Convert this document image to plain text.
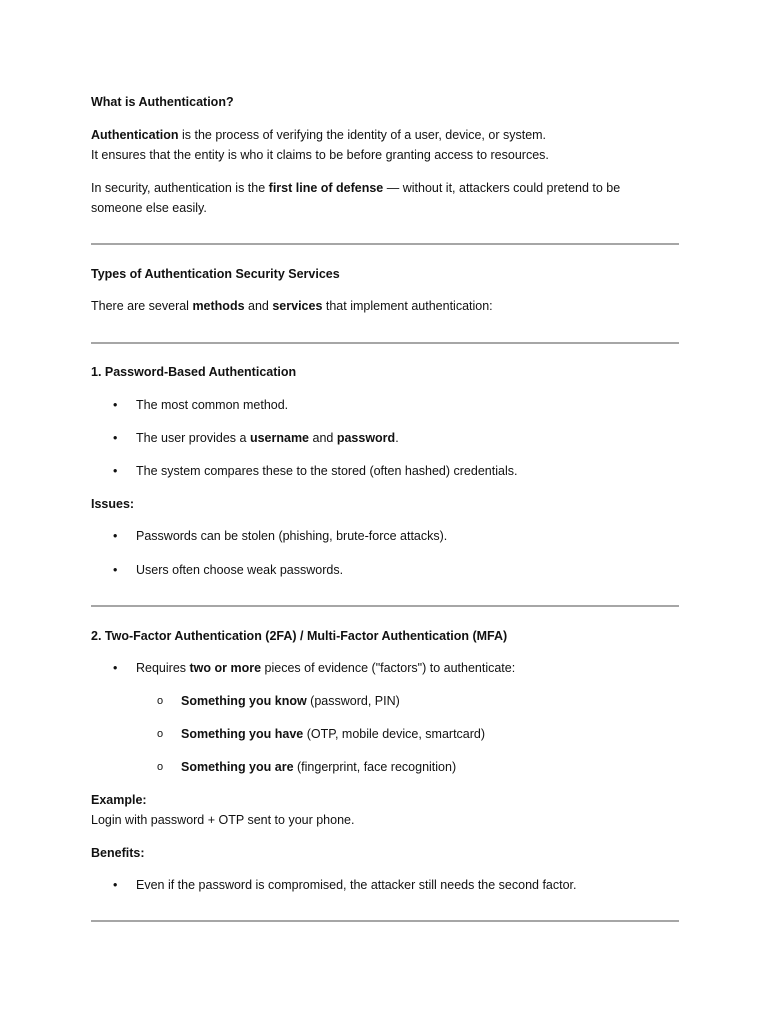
What is Authentication?
Authentication is the process of verifying the identity of a user, device, or system.
It ensures that the entity is who it claims to be before granting access to resources.
In security, authentication is the first line of defense — without it, attackers could pretend to be
someone else easily.
Types of Authentication Security Services
There are several methods and services that implement authentication:
1. Password-Based Authentication
•	The most common method.
•	The user provides a username and password.
•	The system compares these to the stored (often hashed) credentials.
Issues:
•	Passwords can be stolen (phishing, brute-force attacks).
•	Users often choose weak passwords.
2. Two-Factor Authentication (2FA) / Multi-Factor Authentication (MFA)
•	Requires two or more pieces of evidence ("factors") to authenticate:
o	Something you know (password, PIN)
o	Something you have (OTP, mobile device, smartcard)
o	Something you are (fingerprint, face recognition)
Example:
Login with password + OTP sent to your phone.
Benefits:
•	Even if the password is compromised, the attacker still needs the second factor.
